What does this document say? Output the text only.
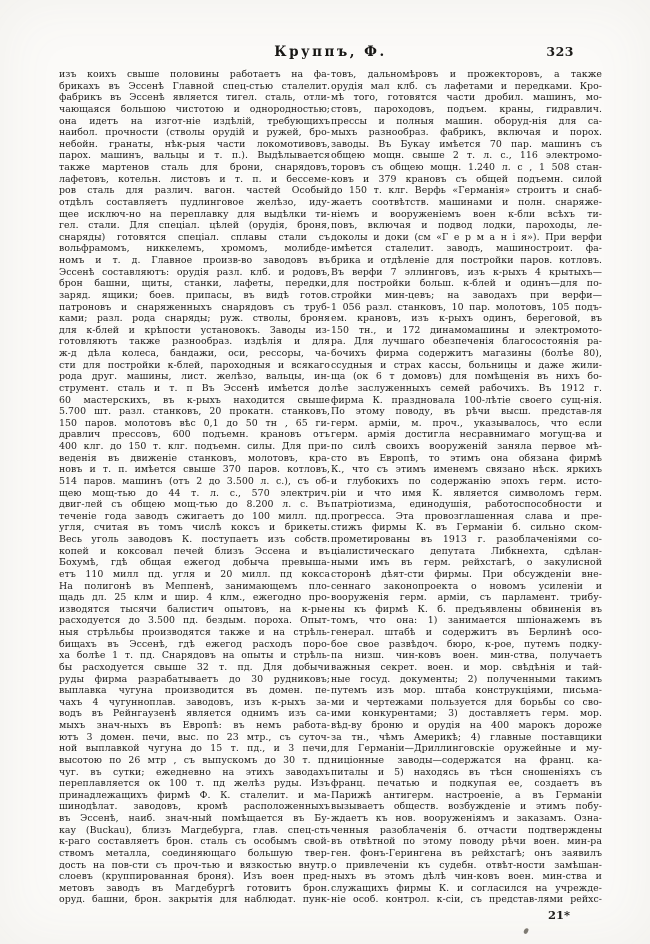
Круппъ, Ф.	323
изъ коихъ свыше половины работаетъ на фа-
брикахъ въ Эссенѣ Главной спец-стью сталелит.
фабрикъ въ Эссенѣ является тигел. сталь, отли-
чающаяся большою чистотою и однородностью;
она идетъ на изгот-ніе издѣлій, требующихъ
наибол. прочности (стволы орудій и ружей, бро-
небойн. гранаты, нѣк-рыя части локомотивовъ,
парох. машинъ, вальцы и т. п.). Выдѣлывается
также мартенов сталь для брони, снарядовъ,
лафетовъ, котельн. листовъ и т. п. и бессеме-
ров сталь для различ. вагон. частей Особый
отдѣлъ составляетъ пудлинговое желѣзо, иду-
щее исключ-но на переплавку для выдѣлки ти-
гел. стали. Для спеціал. цѣлей (орудія, броня,
снаряды) готовятся спеціал. сплавы стали съ
вольфрамомъ, никкелемъ, хромомъ, молибде-
номъ и т. д. Главное произв-во заводовъ въ
Эссенѣ составляютъ: орудія разл. клб. и родовъ,
брон башни, щиты, станки, лафеты, передки,
заряд. ящики; боев. припасы, въ видѣ готов.
патроновъ и снаряженныхъ снарядовъ съ труб-
ками; разл. рода снаряды; руж. стволы, броня
для к-блей и крѣпости установокъ. Заводы из-
готовляютъ также разнообраз. издѣлія и для
ж-д дѣла колеса, бандажи, оси, рессоры, ча-
сти для постройки к-блей, пароходныя и всякаго
рода друг. машины, лист. желѣзо, вальцы, ин-
струмент. сталь и т. п Въ Эссенѣ имѣется до
60 мастерскихъ, въ к-рыхъ находится свыше
5.700 шт. разл. станковъ, 20 прокатн. станковъ,
150 паров. молотовъ вѣс 0,1 до 50 тн , 65 ги-
дравлич прессовъ, 600 подъемн. крановъ отъ
400 клг. до 150 т. клг. подъемн. силы. Для при-
веденія въ движеніе станковъ, молотовъ, кра-
новъ и т. п. имѣется свыше 370 паров. котловъ,
514 паров. машинъ (отъ 2 до 3.500 л. с.), съ об-
щею мощ-тью до 44 т. л. с., 570 электрич.
двиг-лей съ общею мощ-тью до 8.200 л. с. Въ
теченіе года заводъ сжигаетъ до 100 милл. пд.
угля, считая въ томъ числѣ коксъ и брикеты.
Весь уголь заводовъ К. поступаетъ изъ собств.
копей и коксовал печей близъ Эссена и въ
Бохумѣ, гдѣ общая ежегод добыча превыша-
етъ 110 милл пд. угля и 20 милл. пд кокса
На полигонѣ въ Меппенѣ, занимающемъ пло-
щадь дл. 25 клм и шир. 4 клм., ежегодно про-
изводятся тысячи балистич опытовъ, на к-рые
расходуется до 3.500 пд. бездым. пороха. Опыт-
ныя стрѣльбы производятся также и на стрѣль-
бищахъ въ Эссенѣ, гдѣ ежегод расходъ поро-
ха болѣе 1 т. пд. Снарядовъ на опыты и стрѣль-
бы расходуется свыше 32 т. пд. Для добычи
руды фирма разрабатываетъ до 30 рудниковъ;
выплавка чугуна производится въ домен. пе-
чахъ 4 чугунноплав. заводовъ, изъ к-рыхъ за-
водъ въ Рейнгаузенѣ является однимъ изъ са-
мыхъ знач-ныхъ въ Европѣ: въ немъ работа-
ютъ 3 домен. печи, выс. по 23 мтр., съ суточ-
ной выплавкой чугуна до 15 т. пд., и 3 печи,
высотою по 26 мтр , съ выпускомъ до 30 т. пд
чуг. въ сутки; ежедневно на этихъ заводахъ
переплавляется ок 100 т. пд желѣз руды. Изъ
принадлежащихъ фирмѣ Ф. К. сталелит. и ма-
шинодѣлат. заводовъ, кромѣ расположенныхъ
въ Эссенѣ, наиб. знач-ный помѣщается въ Бу-
кау (Buckau), близъ Магдебурга, глав. спец-сть
к-раго составляетъ брон. сталь съ особымъ свой-
ствомъ металла, соединяющаго большую твер-
дость на пов-сти съ проч-тью и вязкостью внутр.
слоевъ (круппированная броня). Изъ воен пред-
метовъ заводъ въ Магдебургѣ готовитъ брон.
оруд. башни, брон. закрытія для наблюдат. пунк-
товъ, дальномѣровъ и прожекторовъ, а также
орудія мал клб. съ лафетами и передками. Кро-
мѣ того, готовятся части дробил. машинъ, мо-
стовъ, пароходовъ, подъем. краны, гидравлич.
прессы и полныя машин. оборуд-нія для са-
мыхъ разнообраз. фабрикъ, включая и порох.
заводы. Въ Букау имѣется 70 пар. машинъ съ
общею мощн. свыше 2 т. л. с., 116 электромо-
торовъ съ общею мощн. 1.240 л. с , 1 508 стан-
ковъ и 379 крановъ съ общей подъемн. силой
до 150 т. клг. Верфь «Германія» строитъ и снаб-
жаетъ соотвѣтств. машинами и полн. снаряже-
ніемъ и вооруженіемъ воен к-бли всѣхъ ти-
повъ, включая и подвод лодки, пароходы, ле-
доколы и доки (см «Г е р м а н і я»). При верфи
имѣется сталелит. заводъ, машиностроит. фа-
брика и отдѣленіе для постройки паров. котловъ.
Въ верфи 7 эллинговъ, изъ к-рыхъ 4 крытыхъ—
для постройки больш. к-блей и одинъ—для по-
стройки мин-цевъ; на заводахъ при верфи—
1 056 разл. станковъ, 10 пар. молотовъ, 105 подъ-
ем. крановъ, изъ к-рыхъ одинъ, береговой, въ
150 тн., и 172 динамомашины и электромото-
ра. Для лучшаго обезпеченія благосостоянія ра-
бочихъ фирма содержитъ магазины (болѣе 80),
ссудныя и страх кассы, больницы и даже жили-
ща (ок 6 т домовъ) для помѣщенія въ нихъ бо-
лѣе заслуженныхъ семей рабочихъ. Въ 1912 г.
фирма К. праздновала 100-лѣтіе своего сущ-нія.
По этому поводу, въ рѣчи высш. представ-ля
герм. арміи, м. проч., указывалось, что если
герм. армія достигла несравнимаго могущ-ва и
по силѣ своихъ вооруженій заняла первое мѣ-
сто въ Европѣ, то этимъ она обязана фирмѣ
К., что съ этимъ именемъ связано нѣск. яркихъ
и глубокихъ по содержанію эпохъ герм. исто-
ріи и что имя К. является символомъ герм.
патріотизма, единодушія, работоспособности и
прогресса. Эта провозглашенная слава и пре-
стижъ фирмы К. въ Германіи б. сильно ском-
прометированы въ 1913 г. разоблаченіями со-
ціалистическаго депутата Либкнехта, сдѣлан-
ными имъ въ герм. рейхстагѣ, о закулисной
сторонѣ дѣят-сти фирмы. При обсужденіи вне-
сеннаго законопроекта о новомъ усиленіи и
вооруженія герм. арміи, съ парламент. трибу-
ны къ фирмѣ К. б. предъявлены обвиненія въ
томъ, что она: 1) занимается шпіонажемъ въ
генерал. штабѣ и содержитъ въ Берлинѣ осо-
бое свое развѣдоч. бюро, к-рое, путемъ подку-
па низш. чин-ковъ воен. мин-ства, получаетъ
важныя секрет. воен. и мор. свѣдѣнія и тай-
ные госуд. документы; 2) полученными такимъ
путемъ изъ мор. штаба конструкціями, письма-
ми и чертежами пользуется для борьбы со сво-
ими конкурентами; 3) доставляетъ герм. мор.
вѣд-ву броню и орудія на 400 марокъ дороже
за тн., чѣмъ Америкѣ; 4) главные поставщики
для Германіи—Дриллинговскіе оружейные и му-
ниціонные заводы—содержатся на франц. ка-
питалы и 5) находясь въ тѣсн сношеніяхъ съ
франц. печатью и подкупая ее, создаетъ въ
Парижѣ антигерм. настроеніе, а въ Германіи
вызываетъ обществ. возбужденіе и этимъ побу-
ждаетъ къ нов. вооруженіямъ и заказамъ. Озна-
ченныя разоблаченія б. отчасти подтверждены
въ отвѣтной по этому поводу рѣчи воен. мин-ра
ген. фонъ-Герингена въ рейхстагѣ; онъ заявилъ
о привлеченіи къ судебн. отвѣт-ности замѣшан-
ныхъ въ этомъ дѣлѣ чин-ковъ воен. мин-ства и
служащихъ фирмы К. и согласился на учрежде-
ніе особ. контрол. к-сіи, съ представ-лями рейхс-
21*
